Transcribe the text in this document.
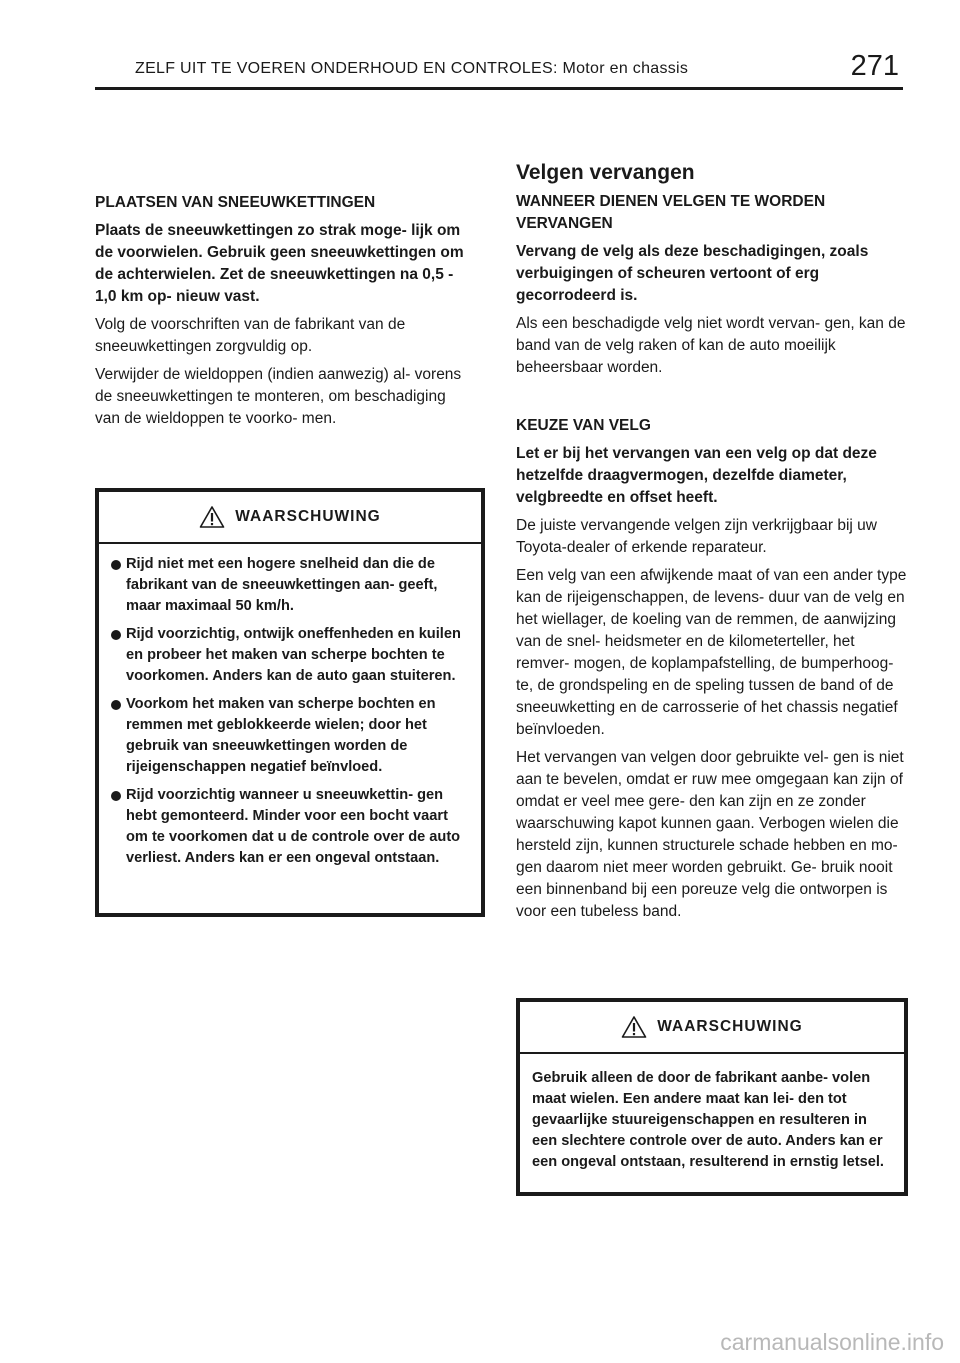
ZELF UIT TE VOEREN ONDERHOUD EN CONTROLES: Motor en chassis	271
PLAATSEN VAN SNEEUWKETTINGEN
Plaats de sneeuwkettingen zo strak moge- lijk om de voorwielen. Gebruik geen sneeuwkettingen om de achterwielen. Zet de sneeuwkettingen na 0,5 - 1,0 km op- nieuw vast.
Volg de voorschriften van de fabrikant van de sneeuwkettingen zorgvuldig op.
Verwijder de wieldoppen (indien aanwezig) al- vorens de sneeuwkettingen te monteren, om beschadiging van de wieldoppen te voorko- men.
WAARSCHUWING
Rijd niet met een hogere snelheid dan die de fabrikant van de sneeuwkettingen aan- geeft, maar maximaal 50 km/h.
Rijd voorzichtig, ontwijk oneffenheden en kuilen en probeer het maken van scherpe bochten te voorkomen. Anders kan de auto gaan stuiteren.
Voorkom het maken van scherpe bochten en remmen met geblokkeerde wielen; door het gebruik van sneeuwkettingen worden de rijeigenschappen negatief beïnvloed.
Rijd voorzichtig wanneer u sneeuwkettin- gen hebt gemonteerd. Minder voor een bocht vaart om te voorkomen dat u de controle over de auto verliest. Anders kan er een ongeval ontstaan.
Velgen vervangen
WANNEER DIENEN VELGEN TE WORDEN VERVANGEN
Vervang de velg als deze beschadigingen, zoals verbuigingen of scheuren vertoont of erg gecorrodeerd is.
Als een beschadigde velg niet wordt vervan- gen, kan de band van de velg raken of kan de auto moeilijk beheersbaar worden.
KEUZE VAN VELG
Let er bij het vervangen van een velg op dat deze hetzelfde draagvermogen, dezelfde diameter, velgbreedte en offset heeft.
De juiste vervangende velgen zijn verkrijgbaar bij uw Toyota-dealer of erkende reparateur.
Een velg van een afwijkende maat of van een ander type kan de rijeigenschappen, de levens- duur van de velg en het wiellager, de koeling van de remmen, de aanwijzing van de snel- heidsmeter en de kilometerteller, het remver- mogen, de koplampafstelling, de bumperhoog- te, de grondspeling en de speling tussen de band of de sneeuwketting en de carrosserie of het chassis negatief beïnvloeden.
Het vervangen van velgen door gebruikte vel- gen is niet aan te bevelen, omdat er ruw mee omgegaan kan zijn of omdat er veel mee gere- den kan zijn en ze zonder waarschuwing kapot kunnen gaan. Verbogen wielen die hersteld zijn, kunnen structurele schade hebben en mo- gen daarom niet meer worden gebruikt. Ge- bruik nooit een binnenband bij een poreuze velg die ontworpen is voor een tubeless band.
WAARSCHUWING
Gebruik alleen de door de fabrikant aanbe- volen maat wielen. Een andere maat kan lei- den tot gevaarlijke stuureigenschappen en resulteren in een slechtere controle over de auto. Anders kan er een ongeval ontstaan, resulterend in ernstig letsel.
carmanualsonline.info
